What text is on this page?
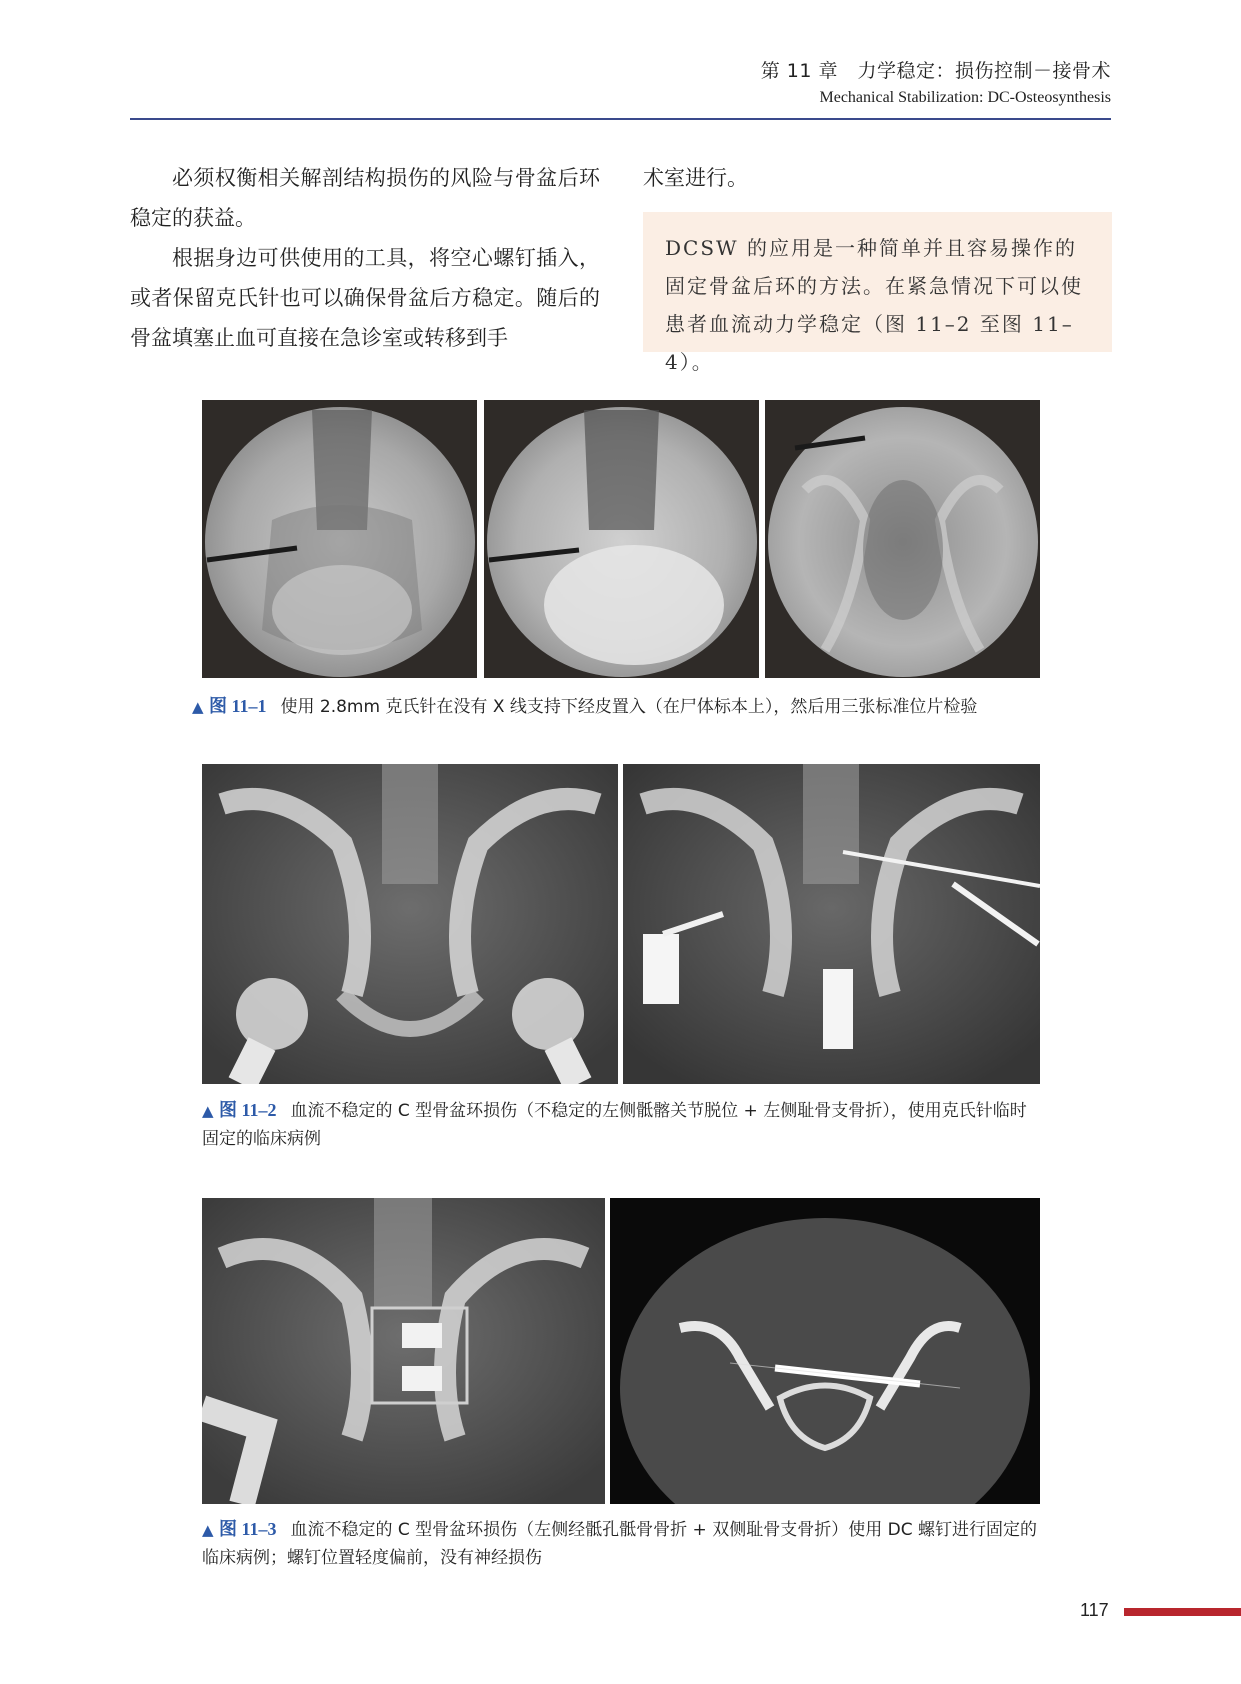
第 11 章　力学稳定：损伤控制－接骨术
Mechanical Stabilization: DC-Osteosynthesis

必须权衡相关解剖结构损伤的风险与骨盆后环稳定的获益。

根据身边可供使用的工具，将空心螺钉插入，或者保留克氏针也可以确保骨盆后方稳定。随后的骨盆填塞止血可直接在急诊室或转移到手

术室进行。

DCSW 的应用是一种简单并且容易操作的固定骨盆后环的方法。在紧急情况下可以使患者血流动力学稳定（图 11–2 至图 11–4）。
▲ 图 11–1 使用 2.8mm 克氏针在没有 X 线支持下经皮置入（在尸体标本上），然后用三张标准位片检验
▲ 图 11–2 血流不稳定的 C 型骨盆环损伤（不稳定的左侧骶髂关节脱位 + 左侧耻骨支骨折），使用克氏针临时固定的临床病例
▲ 图 11–3 血流不稳定的 C 型骨盆环损伤（左侧经骶孔骶骨骨折 + 双侧耻骨支骨折）使用 DC 螺钉进行固定的临床病例；螺钉位置轻度偏前，没有神经损伤
117
